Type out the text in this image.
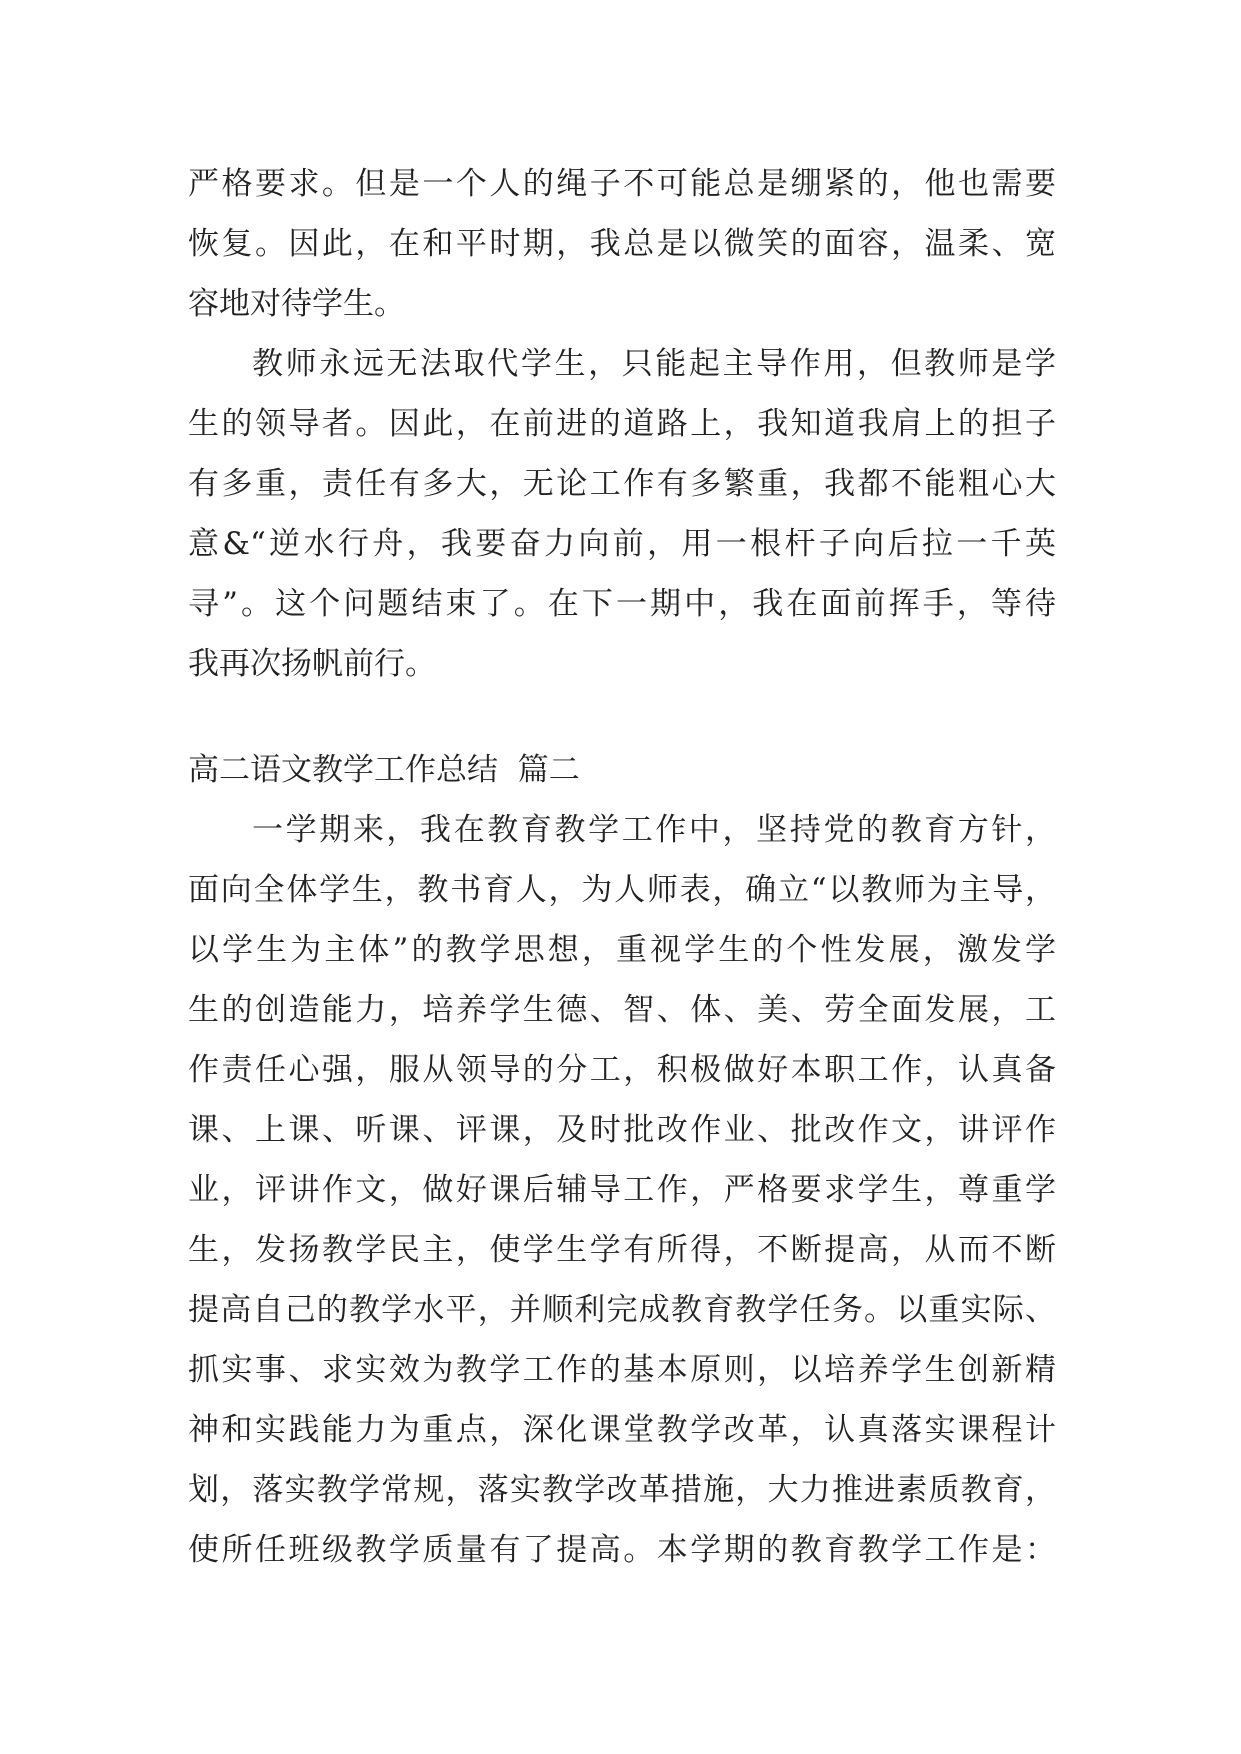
严格要求。但是一个人的绳子不可能总是绷紧的，他也需要
恢复。因此，在和平时期，我总是以微笑的面容，温柔、宽
容地对待学生。
教师永远无法取代学生，只能起主导作用，但教师是学
生的领导者。因此，在前进的道路上，我知道我肩上的担子
有多重，责任有多大，无论工作有多繁重，我都不能粗心大
意&“逆水行舟，我要奋力向前，用一根杆子向后拉一千英
寻”。这个问题结束了。在下一期中，我在面前挥手，等待
我再次扬帆前行。
高二语文教学工作总结  篇二
一学期来，我在教育教学工作中，坚持党的教育方针，
面向全体学生，教书育人，为人师表，确立“以教师为主导，
以学生为主体”的教学思想，重视学生的个性发展，激发学
生的创造能力，培养学生德、智、体、美、劳全面发展，工
作责任心强，服从领导的分工，积极做好本职工作，认真备
课、上课、听课、评课，及时批改作业、批改作文，讲评作
业，评讲作文，做好课后辅导工作，严格要求学生，尊重学
生，发扬教学民主，使学生学有所得，不断提高，从而不断
提高自己的教学水平，并顺利完成教育教学任务。以重实际、
抓实事、求实效为教学工作的基本原则，以培养学生创新精
神和实践能力为重点，深化课堂教学改革，认真落实课程计
划，落实教学常规，落实教学改革措施，大力推进素质教育，
使所任班级教学质量有了提高。本学期的教育教学工作是：
